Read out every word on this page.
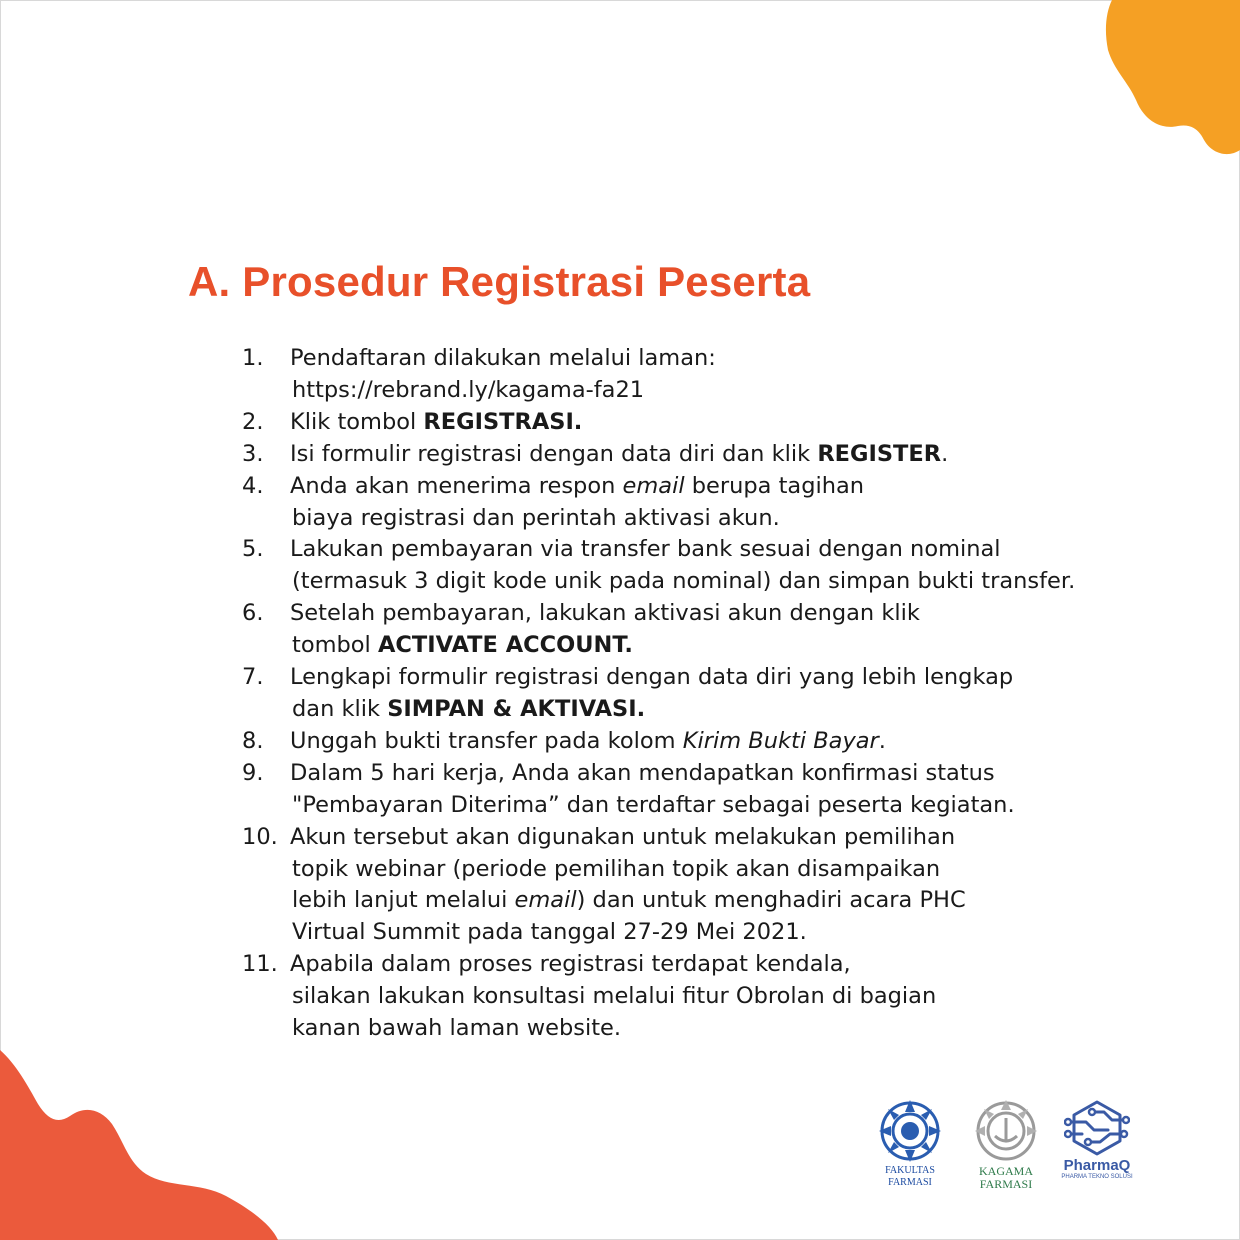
A. Prosedur Registrasi Peserta
1. Pendaftaran dilakukan melalui laman:
https://rebrand.ly/kagama-fa21
2. Klik tombol REGISTRASI.
3. Isi formulir registrasi dengan data diri dan klik REGISTER.
4. Anda akan menerima respon email berupa tagihan
biaya registrasi dan perintah aktivasi akun.
5. Lakukan pembayaran via transfer bank sesuai dengan nominal
(termasuk 3 digit kode unik pada nominal) dan simpan bukti transfer.
6. Setelah pembayaran, lakukan aktivasi akun dengan klik
tombol ACTIVATE ACCOUNT.
7. Lengkapi formulir registrasi dengan data diri yang lebih lengkap
dan klik SIMPAN & AKTIVASI.
8. Unggah bukti transfer pada kolom Kirim Bukti Bayar.
9. Dalam 5 hari kerja, Anda akan mendapatkan konfirmasi status
"Pembayaran Diterima” dan terdaftar sebagai peserta kegiatan.
10. Akun tersebut akan digunakan untuk melakukan pemilihan
topik webinar (periode pemilihan topik akan disampaikan
lebih lanjut melalui email) dan untuk menghadiri acara PHC
Virtual Summit pada tanggal 27-29 Mei 2021.
11. Apabila dalam proses registrasi terdapat kendala,
silakan lakukan konsultasi melalui fitur Obrolan di bagian
kanan bawah laman website.
FAKULTAS
FARMASI
KAGAMA
FARMASI
PharmaQ
PHARMA TEKNO SOLUSI
